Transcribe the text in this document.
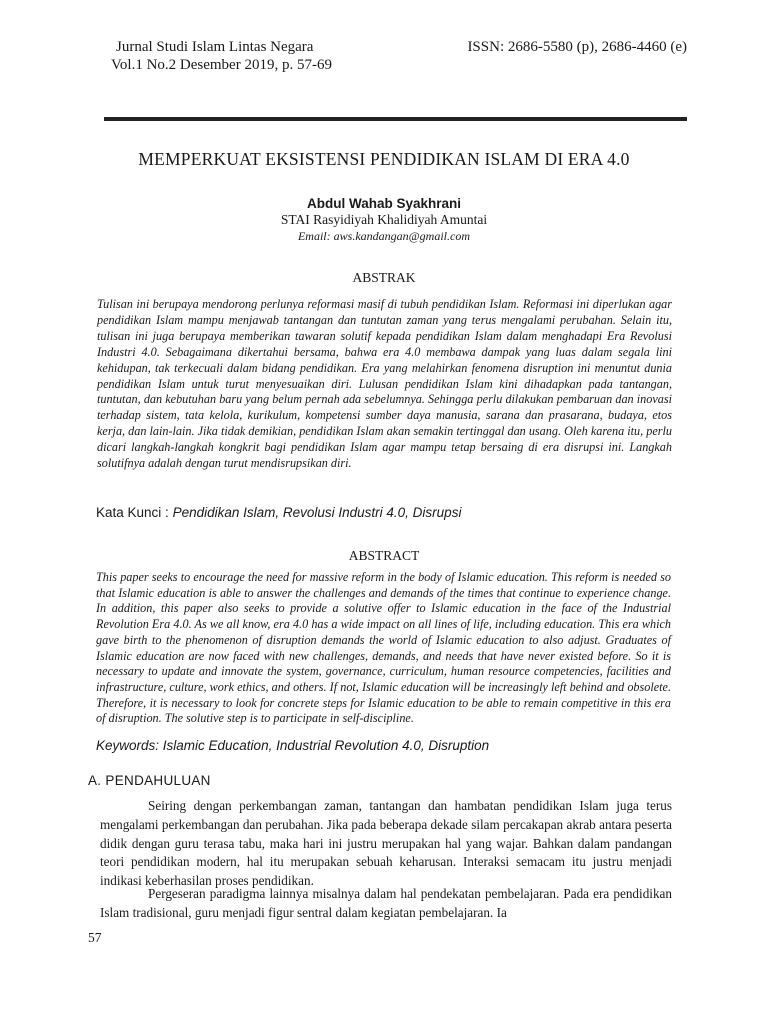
Jurnal Studi Islam Lintas Negara
Vol.1 No.2 Desember 2019, p. 57-69
ISSN: 2686-5580 (p), 2686-4460 (e)
MEMPERKUAT EKSISTENSI PENDIDIKAN ISLAM DI ERA 4.0
Abdul Wahab Syakhrani
STAI Rasyidiyah Khalidiyah Amuntai
Email: aws.kandangan@gmail.com
ABSTRAK
Tulisan ini berupaya mendorong perlunya reformasi masif di tubuh pendidikan Islam. Reformasi ini diperlukan agar pendidikan Islam mampu menjawab tantangan dan tuntutan zaman yang terus mengalami perubahan. Selain itu, tulisan ini juga berupaya memberikan tawaran solutif kepada pendidikan Islam dalam menghadapi Era Revolusi Industri 4.0. Sebagaimana dikertahui bersama, bahwa era 4.0 membawa dampak yang luas dalam segala lini kehidupan, tak terkecuali dalam bidang pendidikan. Era yang melahirkan fenomena disruption ini menuntut dunia pendidikan Islam untuk turut menyesuaikan diri. Lulusan pendidikan Islam kini dihadapkan pada tantangan, tuntutan, dan kebutuhan baru yang belum pernah ada sebelumnya. Sehingga perlu dilakukan pembaruan dan inovasi terhadap sistem, tata kelola, kurikulum, kompetensi sumber daya manusia, sarana dan prasarana, budaya, etos kerja, dan lain-lain. Jika tidak demikian, pendidikan Islam akan semakin tertinggal dan usang. Oleh karena itu, perlu dicari langkah-langkah kongkrit bagi pendidikan Islam agar mampu tetap bersaing di era disrupsi ini. Langkah solutifnya adalah dengan turut mendisrupsikan diri.
Kata Kunci : Pendidikan Islam, Revolusi Industri 4.0, Disrupsi
ABSTRACT
This paper seeks to encourage the need for massive reform in the body of Islamic education. This reform is needed so that Islamic education is able to answer the challenges and demands of the times that continue to experience change. In addition, this paper also seeks to provide a solutive offer to Islamic education in the face of the Industrial Revolution Era 4.0. As we all know, era 4.0 has a wide impact on all lines of life, including education. This era which gave birth to the phenomenon of disruption demands the world of Islamic education to also adjust. Graduates of Islamic education are now faced with new challenges, demands, and needs that have never existed before. So it is necessary to update and innovate the system, governance, curriculum, human resource competencies, facilities and infrastructure, culture, work ethics, and others. If not, Islamic education will be increasingly left behind and obsolete. Therefore, it is necessary to look for concrete steps for Islamic education to be able to remain competitive in this era of disruption. The solutive step is to participate in self-discipline.
Keywords: Islamic Education, Industrial Revolution 4.0, Disruption
A. PENDAHULUAN
Seiring dengan perkembangan zaman, tantangan dan hambatan pendidikan Islam juga terus mengalami perkembangan dan perubahan. Jika pada beberapa dekade silam percakapan akrab antara peserta didik dengan guru terasa tabu, maka hari ini justru merupakan hal yang wajar. Bahkan dalam pandangan teori pendidikan modern, hal itu merupakan sebuah keharusan. Interaksi semacam itu justru menjadi indikasi keberhasilan proses pendidikan.
Pergeseran paradigma lainnya misalnya dalam hal pendekatan pembelajaran. Pada era pendidikan Islam tradisional, guru menjadi figur sentral dalam kegiatan pembelajaran. Ia
57
